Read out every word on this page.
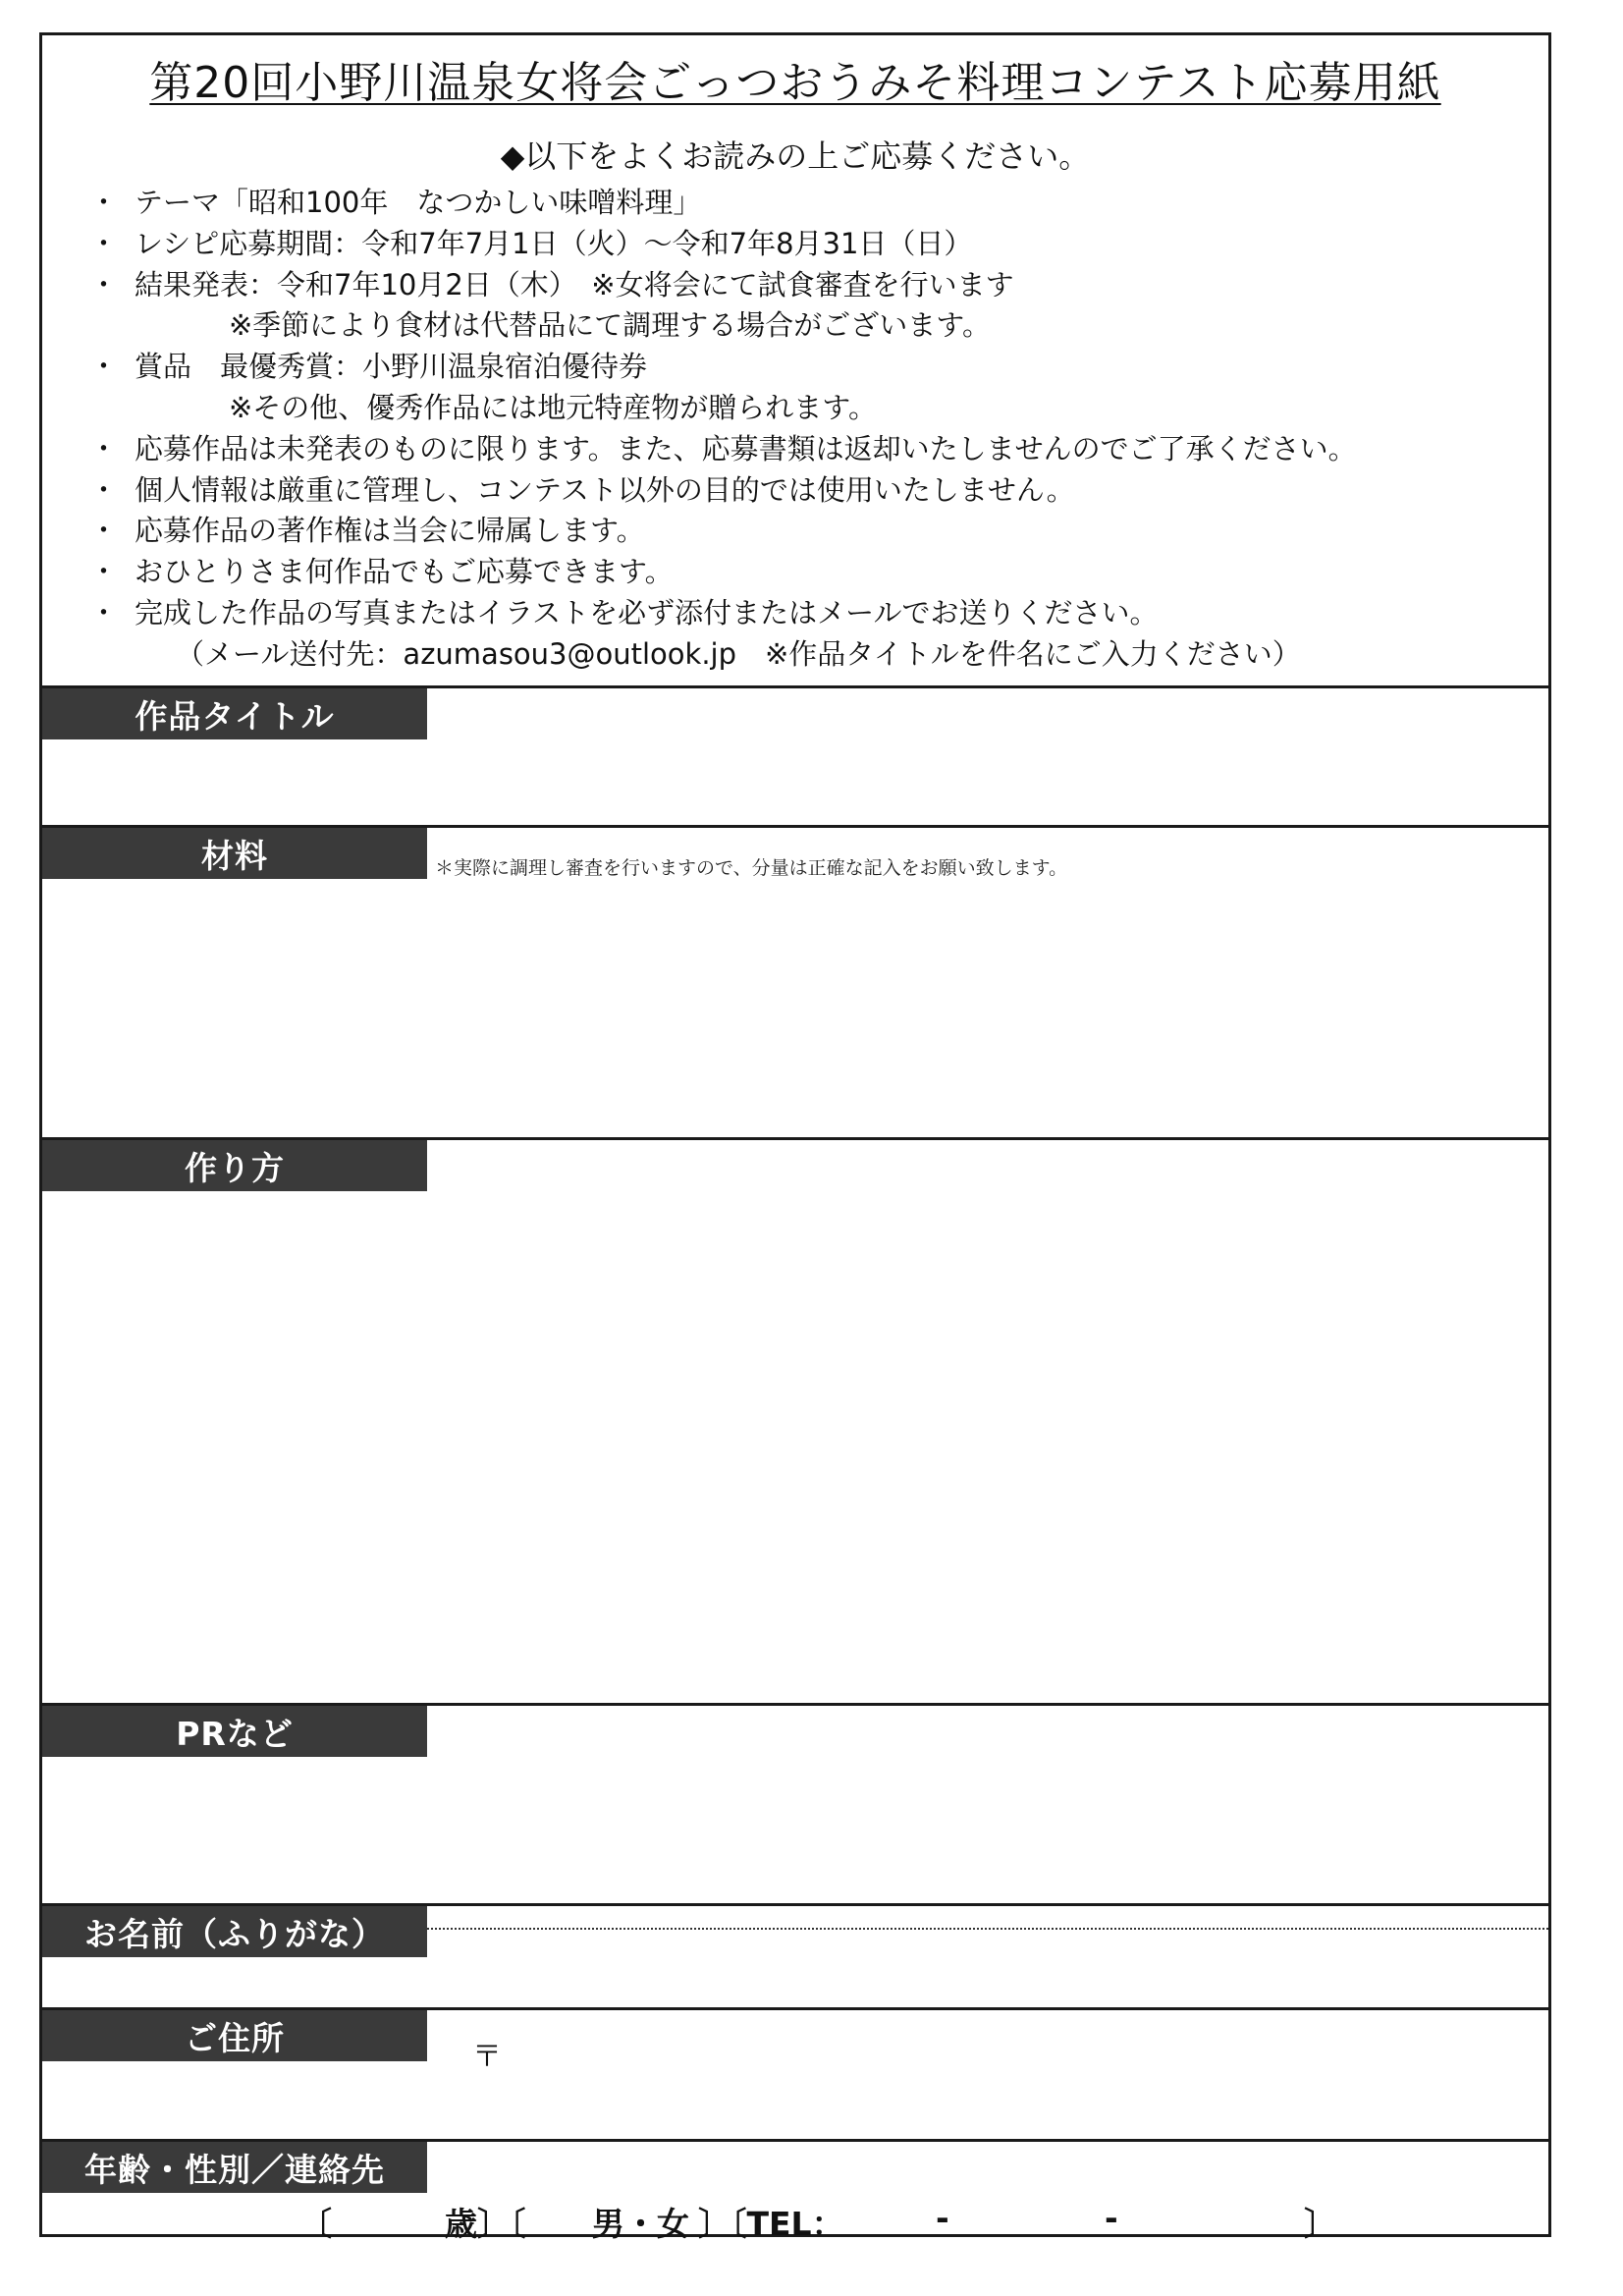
第20回小野川温泉女将会ごっつおうみそ料理コンテスト応募用紙
◆以下をよくお読みの上ご応募ください。
・ テーマ「昭和100年　なつかしい味噌料理」
・ レシピ応募期間：令和7年7月1日（火）～令和7年8月31日（日）
・ 結果発表：令和7年10月2日（木）　※女将会にて試食審査を行います
※季節により食材は代替品にて調理する場合がございます。
・ 賞品　最優秀賞：小野川温泉宿泊優待券
※その他、優秀作品には地元特産物が贈られます。
・ 応募作品は未発表のものに限ります。また、応募書類は返却いたしませんのでご了承ください。
・ 個人情報は厳重に管理し、コンテスト以外の目的では使用いたしません。
・ 応募作品の著作権は当会に帰属します。
・ おひとりさま何作品でもご応募できます。
・ 完成した作品の写真またはイラストを必ず添付またはメールでお送りください。
（メール送付先：azumasou3@outlook.jp　※作品タイトルを件名にご入力ください）
作品タイトル
材料	＊実際に調理し審査を行いますので、分量は正確な記入をお願い致します。
作り方
PRなど
お名前（ふりがな）
ご住所	〒
年齢・性別／連絡先
〔	歳〕〔 男・女 〕〔TEL：	-	-	〕
